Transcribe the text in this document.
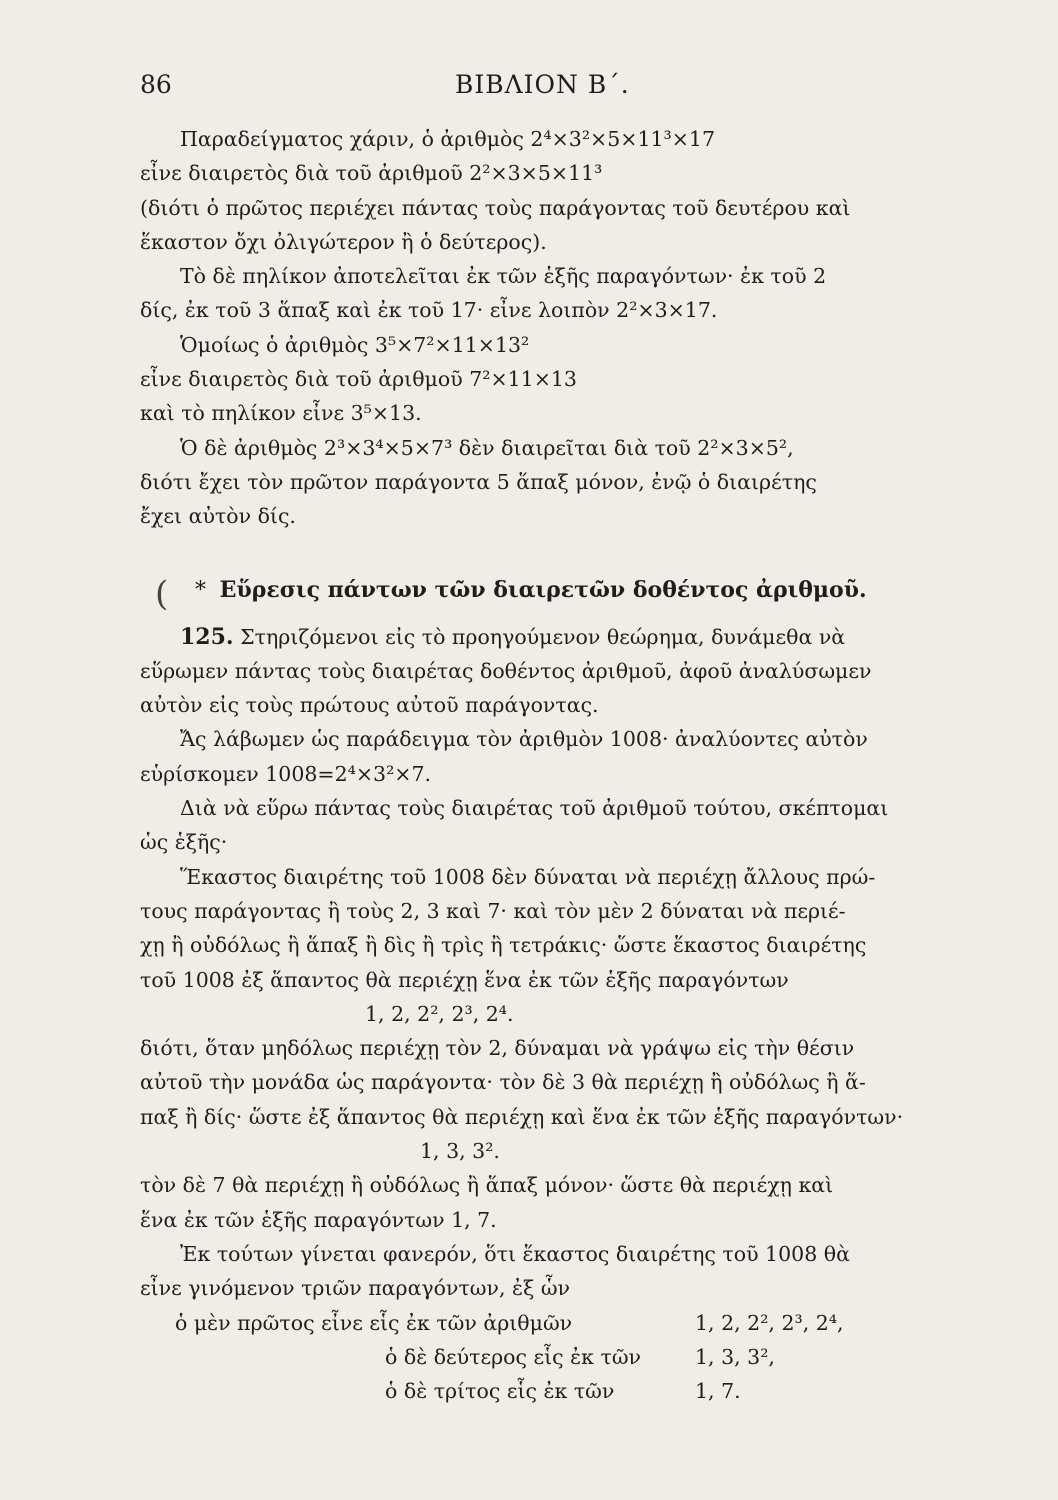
86	ΒΙΒΛΙΟΝ Β΄.
Παραδείγματος χάριν, ὁ ἀριθμὸς 2⁴×3²×5×11³×17
εἶνε διαιρετὸς διὰ τοῦ ἀριθμοῦ 2²×3×5×11³
(διότι ὁ πρῶτος περιέχει πάντας τοὺς παράγοντας τοῦ δευτέρου καὶ
ἕκαστον ὄχι ὀλιγώτερον ἢ ὁ δεύτερος).
Τὸ δὲ πηλίκον ἀποτελεῖται ἐκ τῶν ἑξῆς παραγόντων· ἐκ τοῦ 2
δίς, ἐκ τοῦ 3 ἅπαξ καὶ ἐκ τοῦ 17· εἶνε λοιπὸν 2²×3×17.
Ὁμοίως ὁ ἀριθμὸς 3⁵×7²×11×13²
εἶνε διαιρετὸς διὰ τοῦ ἀριθμοῦ 7²×11×13
καὶ τὸ πηλίκον εἶνε 3⁵×13.
Ὁ δὲ ἀριθμὸς 2³×3⁴×5×7³ δὲν διαιρεῖται διὰ τοῦ 2²×3×5²,
διότι ἔχει τὸν πρῶτον παράγοντα 5 ἅπαξ μόνον, ἐνῷ ὁ διαιρέτης
ἔχει αὐτὸν δίς.
( * Εὕρεσις πάντων τῶν διαιρετῶν δοθέντος ἀριθμοῦ.
125. Στηριζόμενοι εἰς τὸ προηγούμενον θεώρημα, δυνάμεθα νὰ
εὕρωμεν πάντας τοὺς διαιρέτας δοθέντος ἀριθμοῦ, ἀφοῦ ἀναλύσωμεν
αὐτὸν εἰς τοὺς πρώτους αὐτοῦ παράγοντας.
Ἄς λάβωμεν ὡς παράδειγμα τὸν ἀριθμὸν 1008· ἀναλύοντες αὐτὸν
εὑρίσκομεν 1008=2⁴×3²×7.
Διὰ νὰ εὕρω πάντας τοὺς διαιρέτας τοῦ ἀριθμοῦ τούτου, σκέπτομαι
ὡς ἑξῆς·
Ἕκαστος διαιρέτης τοῦ 1008 δὲν δύναται νὰ περιέχῃ ἄλλους πρώ-
τους παράγοντας ἢ τοὺς 2, 3 καὶ 7· καὶ τὸν μὲν 2 δύναται νὰ περιέ-
χῃ ἢ οὐδόλως ἢ ἅπαξ ἢ δὶς ἢ τρὶς ἢ τετράκις· ὥστε ἕκαστος διαιρέτης
τοῦ 1008 ἐξ ἅπαντος θὰ περιέχῃ ἕνα ἐκ τῶν ἑξῆς παραγόντων
1, 2, 2², 2³, 2⁴.
διότι, ὅταν μηδόλως περιέχῃ τὸν 2, δύναμαι νὰ γράψω εἰς τὴν θέσιν
αὐτοῦ τὴν μονάδα ὡς παράγοντα· τὸν δὲ 3 θὰ περιέχῃ ἢ οὐδόλως ἢ ἅ-
παξ ἢ δίς· ὥστε ἐξ ἅπαντος θὰ περιέχῃ καὶ ἕνα ἐκ τῶν ἑξῆς παραγόντων·
1, 3, 3².
τὸν δὲ 7 θὰ περιέχῃ ἢ οὐδόλως ἢ ἅπαξ μόνον· ὥστε θὰ περιέχῃ καὶ
ἕνα ἐκ τῶν ἑξῆς παραγόντων 1, 7.
Ἐκ τούτων γίνεται φανερόν, ὅτι ἕκαστος διαιρέτης τοῦ 1008 θὰ
εἶνε γινόμενον τριῶν παραγόντων, ἐξ ὧν
ὁ μὲν πρῶτος εἶνε εἷς ἐκ τῶν ἀριθμῶν	1, 2, 2², 2³, 2⁴,
ὁ δὲ δεύτερος εἷς ἐκ τῶν	1, 3, 3²,
ὁ δὲ τρίτος εἷς ἐκ τῶν	1, 7.
